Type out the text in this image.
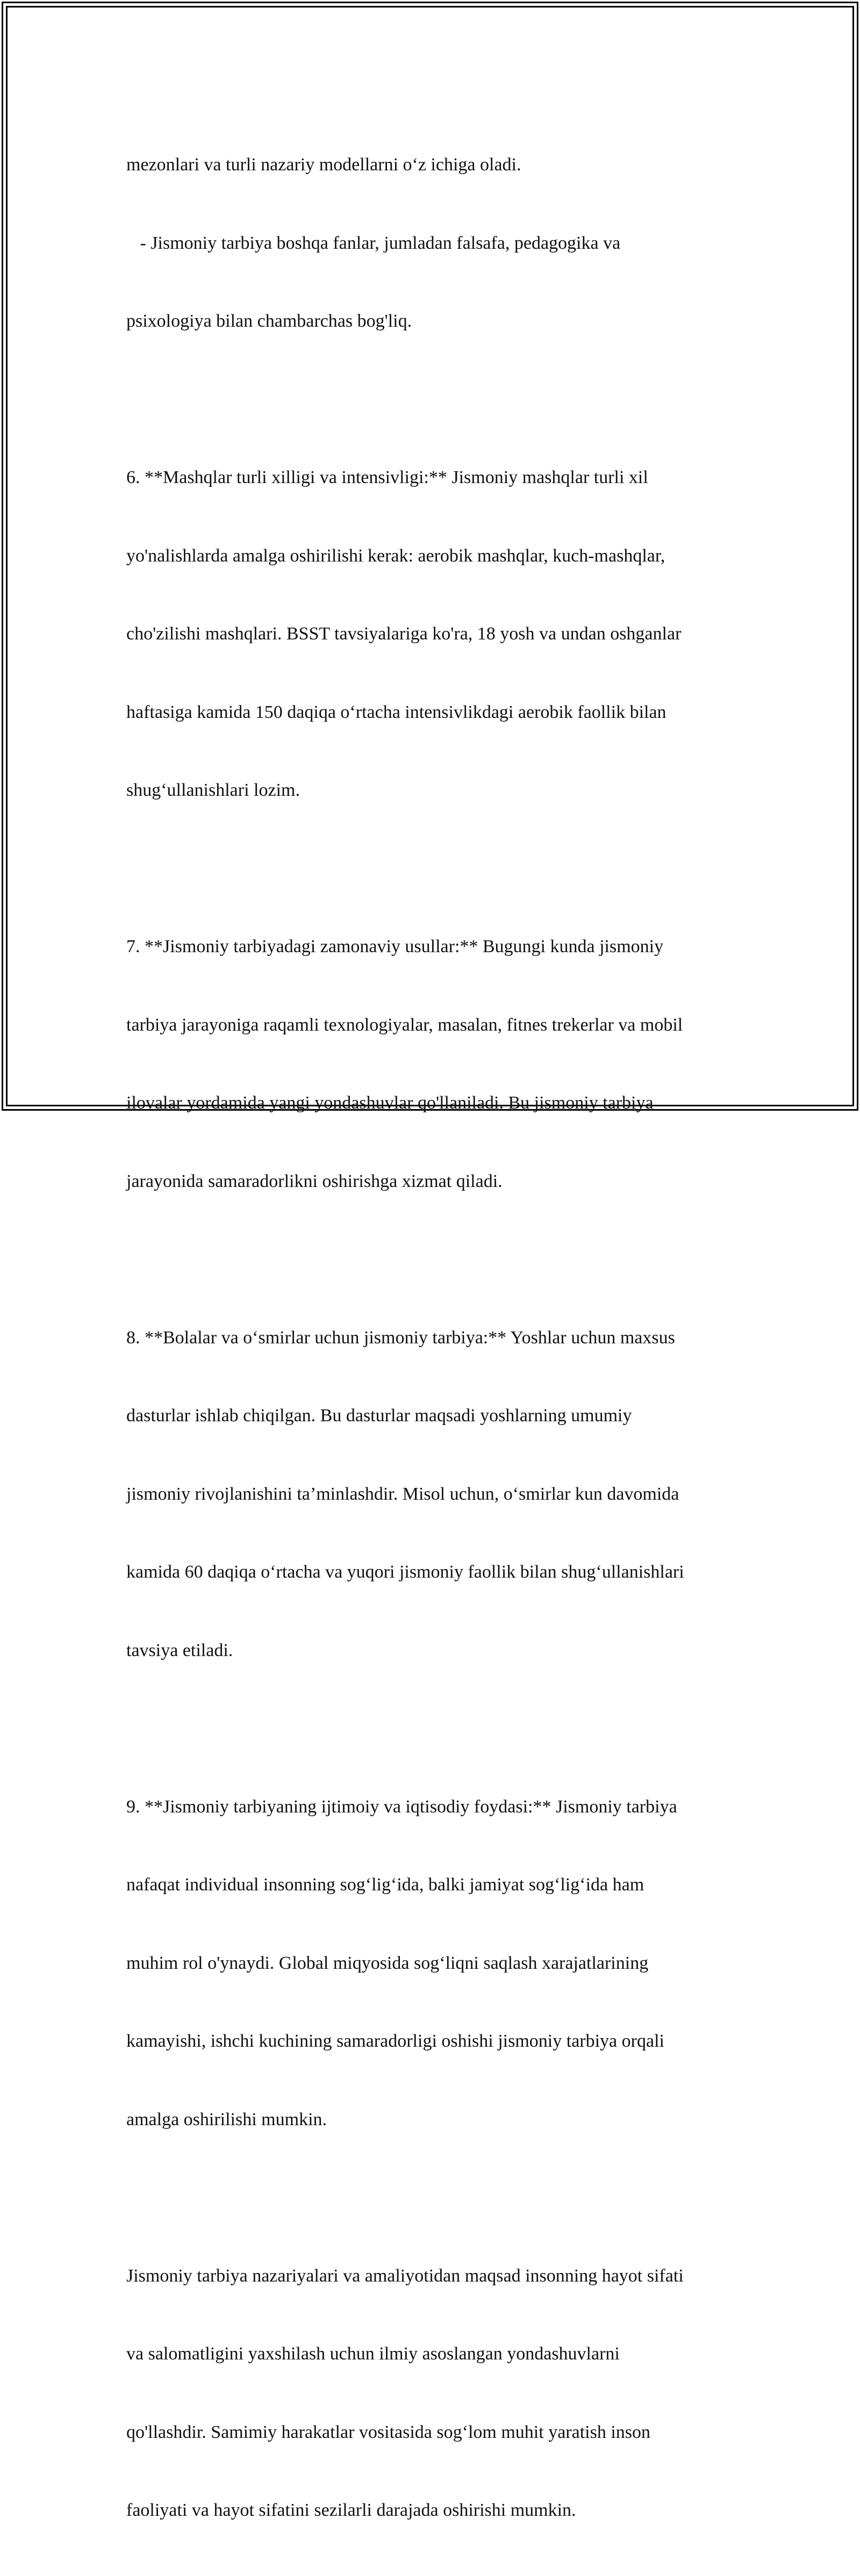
mezonlari va turli nazariy modellarni o‘z ichiga oladi.

- Jismoniy tarbiya boshqa fanlar, jumladan falsafa, pedagogika va

psixologiya bilan chambarchas bog'liq.

6. **Mashqlar turli xilligi va intensivligi:** Jismoniy mashqlar turli xil

yo'nalishlarda amalga oshirilishi kerak: aerobik mashqlar, kuch-mashqlar,

cho'zilishi mashqlari. BSST tavsiyalariga ko'ra, 18 yosh va undan oshganlar

haftasiga kamida 150 daqiqa o‘rtacha intensivlikdagi aerobik faollik bilan

shug‘ullanishlari lozim.

7. **Jismoniy tarbiyadagi zamonaviy usullar:** Bugungi kunda jismoniy

tarbiya jarayoniga raqamli texnologiyalar, masalan, fitnes trekerlar va mobil

ilovalar yordamida yangi yondashuvlar qo'llaniladi. Bu jismoniy tarbiya

jarayonida samaradorlikni oshirishga xizmat qiladi.

8. **Bolalar va o‘smirlar uchun jismoniy tarbiya:** Yoshlar uchun maxsus

dasturlar ishlab chiqilgan. Bu dasturlar maqsadi yoshlarning umumiy

jismoniy rivojlanishini ta’minlashdir. Misol uchun, o‘smirlar kun davomida

kamida 60 daqiqa o‘rtacha va yuqori jismoniy faollik bilan shug‘ullanishlari

tavsiya etiladi.

9. **Jismoniy tarbiyaning ijtimoiy va iqtisodiy foydasi:** Jismoniy tarbiya

nafaqat individual insonning sog‘lig‘ida, balki jamiyat sog‘lig‘ida ham

muhim rol o'ynaydi. Global miqyosida sog‘liqni saqlash xarajatlarining

kamayishi, ishchi kuchining samaradorligi oshishi jismoniy tarbiya orqali

amalga oshirilishi mumkin.

Jismoniy tarbiya nazariyalari va amaliyotidan maqsad insonning hayot sifati

va salomatligini yaxshilash uchun ilmiy asoslangan yondashuvlarni

qo'llashdir. Samimiy harakatlar vositasida sog‘lom muhit yaratish inson

faoliyati va hayot sifatini sezilarli darajada oshirishi mumkin.
